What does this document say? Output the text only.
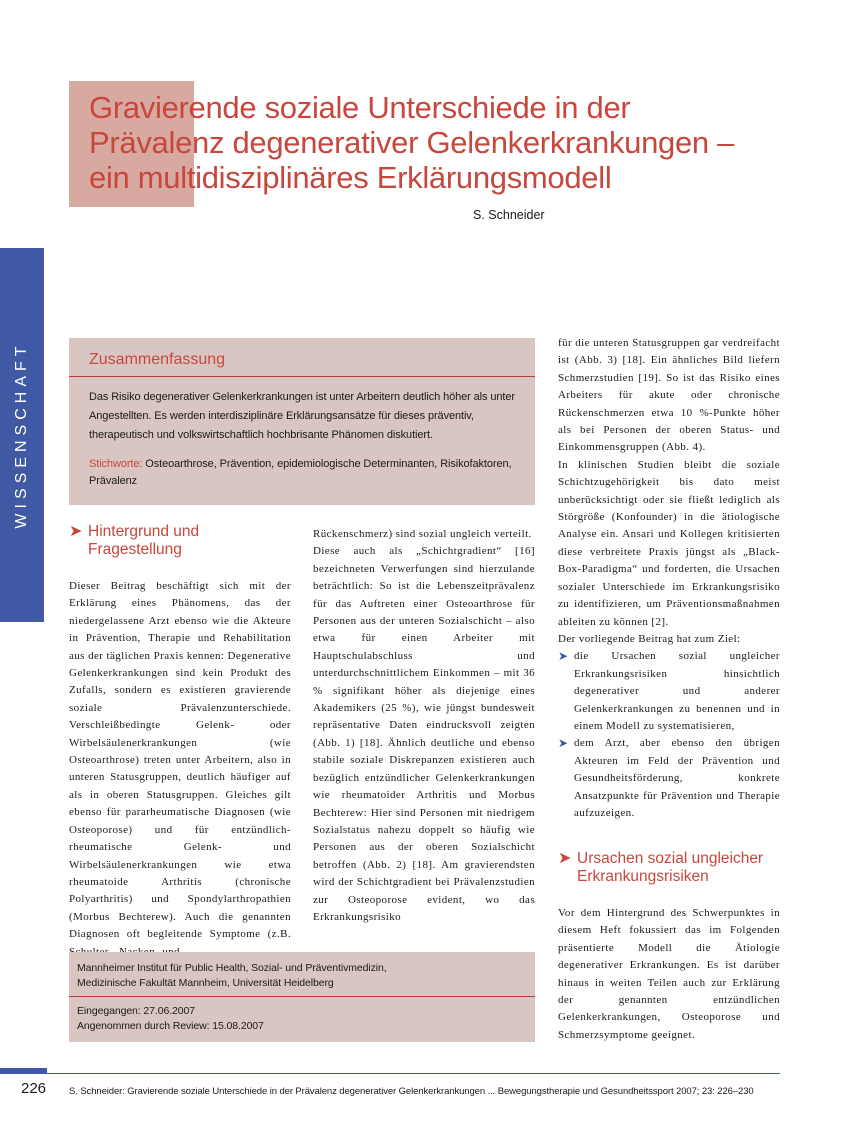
WISSENSCHAFT
Gravierende soziale Unterschiede in der
Prävalenz degenerativer Gelenkerkrankungen –
ein multidisziplinäres Erklärungsmodell
S. Schneider
Zusammenfassung
Das Risiko degenerativer Gelenkerkrankungen ist unter Arbeitern deutlich höher als unter Angestellten. Es werden interdisziplinäre Erklärungsansätze für dieses präventiv, therapeutisch und volkswirtschaftlich hochbrisante Phänomen diskutiert.
Stichworte: Osteoarthrose, Prävention, epidemiologische Determinanten, Risikofaktoren, Prävalenz
➤ Hintergrund und
Fragestellung

Dieser Beitrag beschäftigt sich mit der Erklärung eines Phänomens, das der niedergelassene Arzt ebenso wie die Akteure in Prävention, Therapie und Rehabilitation aus der täglichen Praxis kennen: Degenerative Gelenkerkrankungen sind kein Produkt des Zufalls, sondern es existieren gravierende soziale Prävalenzunterschiede. Verschleißbedingte Gelenk- oder Wirbelsäulenerkrankungen (wie Osteoarthrose) treten unter Arbeitern, also in unteren Statusgruppen, deutlich häufiger auf als in oberen Statusgruppen. Gleiches gilt ebenso für pararheumatische Diagnosen (wie Osteoporose) und für entzündlich-rheumatische Gelenk- und Wirbelsäulenerkrankungen wie etwa rheumatoide Arthritis (chronische Polyarthritis) und Spondylarthropathien (Morbus Bechterew). Auch die genannten Diagnosen oft begleitende Symptome (z.B.

Rückenschmerz) sind sozial ungleich verteilt.

Diese auch als „Schichtgradient“ [16] bezeichneten Verwerfungen sind hierzulande beträchtlich: So ist die Lebenszeitprävalenz für das Auftreten einer Osteoarthrose für Personen aus der unteren Sozialschicht – also etwa für einen Arbeiter mit Hauptschulabschluss und unterdurchschnittlichem Einkommen – mit 36 % signifikant höher als diejenige eines Akademikers (25 %), wie jüngst bundesweit repräsentative Daten eindrucksvoll zeigten (Abb. 1) [18]. Ähnlich deutliche und ebenso stabile soziale Diskrepanzen existieren auch bezüglich entzündlicher Gelenkerkrankungen wie rheumatoider Arthritis und Morbus Bechterew: Hier sind Personen mit niedrigem Sozialstatus nahezu doppelt so häufig wie Personen aus der oberen Sozialschicht betroffen (Abb. 2) [18]. Am gravierendsten wird der Schichtgradient bei Prävalenzstudien zur Osteoporose evident, wo das Erkrankungsrisiko

für die unteren Statusgruppen gar verdreifacht ist (Abb. 3) [18]. Ein ähnliches Bild liefern Schmerzstudien [19]. So ist das Risiko eines Arbeiters für akute oder chronische Rückenschmerzen etwa 10 %-Punkte höher als bei Personen der oberen Status- und Einkommensgruppen (Abb. 4).

In klinischen Studien bleibt die soziale Schichtzugehörigkeit bis dato meist unberücksichtigt oder sie fließt lediglich als Störgröße (Konfounder) in die ätiologische Analyse ein. Ansari und Kollegen kritisierten diese verbreitete Praxis jüngst als „Black-Box-Paradigma“ und forderten, die Ursachen sozialer Unterschiede im Erkrankungsrisiko zu identifizieren, um Präventionsmaßnahmen ableiten zu können [2].

Der vorliegende Beitrag hat zum Ziel:

➤ die Ursachen sozial ungleicher Erkrankungsrisiken hinsichtlich degenerativer und anderer Gelenkerkrankungen zu benennen und in einem Modell zu systematisieren,
➤ dem Arzt, aber ebenso den übrigen Akteuren im Feld der Prävention und Gesundheitsförderung, konkrete Ansatzpunkte für Prävention und Therapie aufzuzeigen.
➤ Ursachen sozial ungleicher
Erkrankungsrisiken

Vor dem Hintergrund des Schwerpunktes in diesem Heft fokussiert das im Folgenden präsentierte Modell die Ätiologie degenerativer Erkrankungen. Es ist darüber hinaus in weiten Teilen auch zur Erklärung der genannten entzündlichen Gelenkerkrankungen, Osteoporose und Schmerzsymptome geeignet.

Mannheimer Institut für Public Health, Sozial- und Präventivmedizin,
Medizinische Fakultät Mannheim, Universität Heidelberg
Eingegangen: 27.06.2007
Angenommen durch Review: 15.08.2007
226 S. Schneider: Gravierende soziale Unterschiede in der Prävalenz degenerativer Gelenkerkrankungen ... Bewegungstherapie und Gesundheitssport 2007; 23: 226–230
